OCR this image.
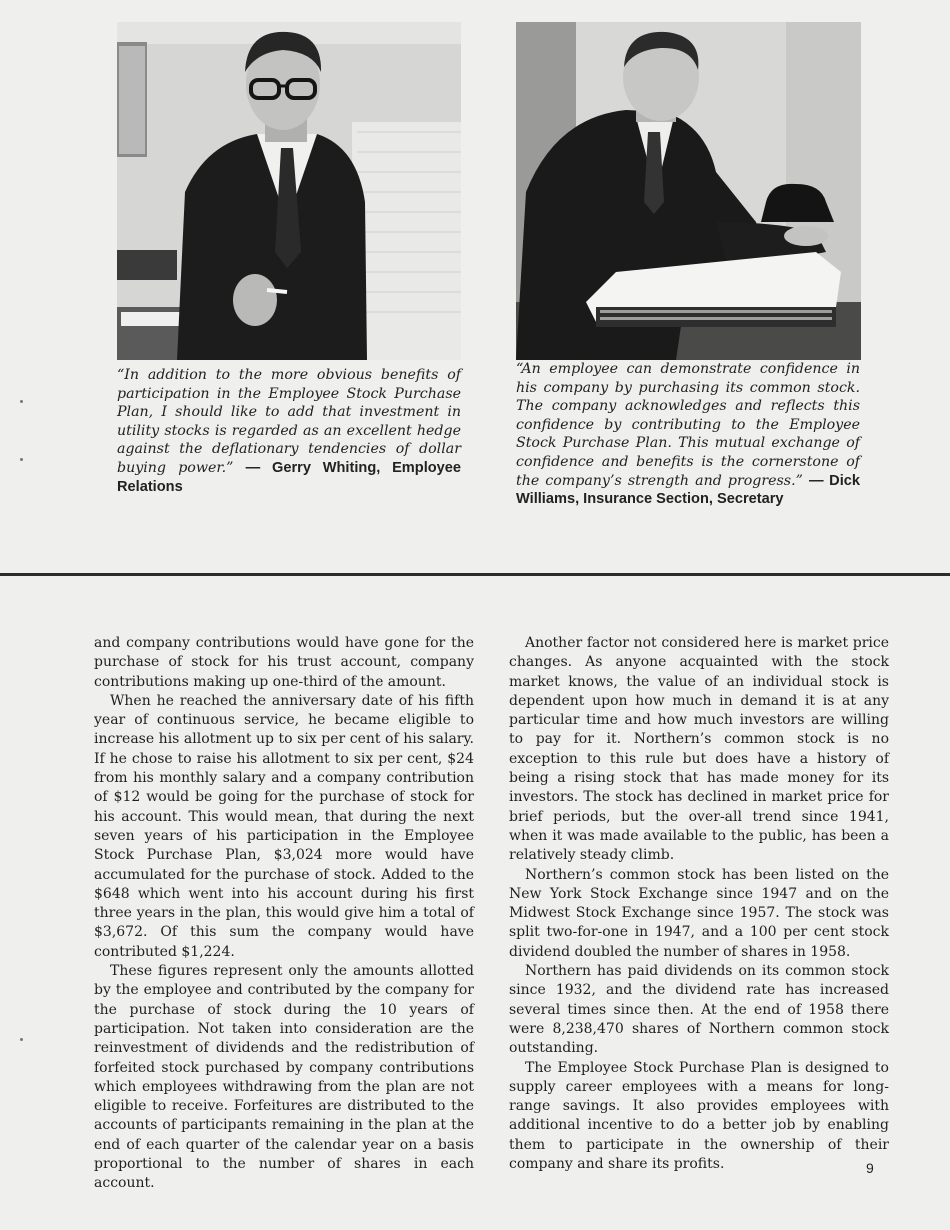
“In addition to the more obvious benefits of participation in the Employee Stock Purchase Plan, I should like to add that investment in utility stocks is regarded as an excellent hedge against the deflationary tendencies of dollar buying power.” — Gerry Whiting, Employee Relations
“An employee can demonstrate confidence in his company by purchasing its common stock. The company acknowledges and reflects this confidence by contributing to the Employee Stock Purchase Plan. This mutual exchange of confidence and benefits is the cornerstone of the company’s strength and progress.” — Dick Williams, Insurance Section, Secretary

and company contributions would have gone for the purchase of stock for his trust account, company contributions making up one-third of the amount.

When he reached the anniversary date of his fifth year of continuous service, he became eligible to increase his allotment up to six per cent of his salary. If he chose to raise his allotment to six per cent, $24 from his monthly salary and a company contribution of $12 would be going for the purchase of stock for his account. This would mean, that during the next seven years of his participation in the Employee Stock Purchase Plan, $3,024 more would have accumulated for the purchase of stock. Added to the $648 which went into his account during his first three years in the plan, this would give him a total of $3,672. Of this sum the company would have contributed $1,224.

These figures represent only the amounts allotted by the employee and contributed by the company for the purchase of stock during the 10 years of participation. Not taken into consideration are the reinvestment of dividends and the redistribution of forfeited stock purchased by company contributions which employees withdrawing from the plan are not eligible to receive. Forfeitures are distributed to the accounts of participants remaining in the plan at the end of each quarter of the calendar year on a basis proportional to the number of shares in each account.

Another factor not considered here is market price changes. As anyone acquainted with the stock market knows, the value of an individual stock is dependent upon how much in demand it is at any particular time and how much investors are willing to pay for it. Northern’s common stock is no exception to this rule but does have a history of being a rising stock that has made money for its investors. The stock has declined in market price for brief periods, but the over-all trend since 1941, when it was made available to the public, has been a relatively steady climb.

Northern’s common stock has been listed on the New York Stock Exchange since 1947 and on the Midwest Stock Exchange since 1957. The stock was split two-for-one in 1947, and a 100 per cent stock dividend doubled the number of shares in 1958.

Northern has paid dividends on its common stock since 1932, and the dividend rate has increased several times since then. At the end of 1958 there were 8,238,470 shares of Northern common stock outstanding.

The Employee Stock Purchase Plan is designed to supply career employees with a means for long-range savings. It also provides employees with additional incentive to do a better job by enabling them to participate in the ownership of their company and share its profits.	9
